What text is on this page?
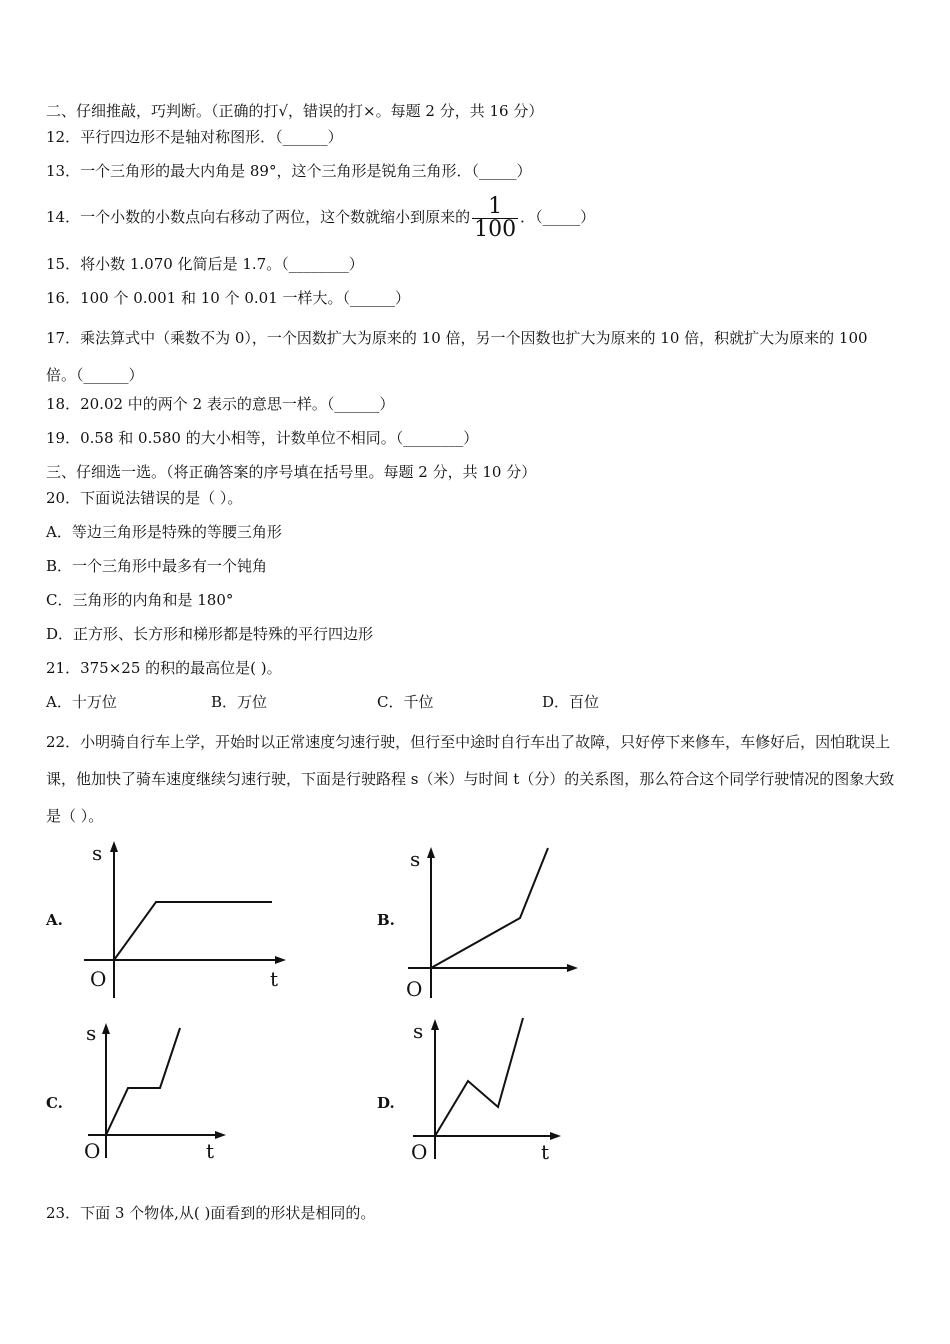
二、仔细推敲，巧判断。（正确的打√，错误的打×。每题 2 分，共 16 分）
12．平行四边形不是轴对称图形．（______）
13．一个三角形的最大内角是 89°，这个三角形是锐角三角形．（_____）
14．一个小数的小数点向右移动了两位，这个数就缩小到原来的 $\frac{1}{100}$ ．（_____）
15．将小数 1.070 化简后是 1.7。（________）
16．100 个 0.001 和 10 个 0.01 一样大。（______）
17．乘法算式中（乘数不为 0），一个因数扩大为原来的 10 倍，另一个因数也扩大为原来的 10 倍，积就扩大为原来的 100 倍。（______）
18．20.02 中的两个 2 表示的意思一样。（______）
19．0.58 和 0.580 的大小相等，计数单位不相同。（________）
三、仔细选一选。（将正确答案的序号填在括号里。每题 2 分，共 10 分）
20．下面说法错误的是（ ）。
A．等边三角形是特殊的等腰三角形
B．一个三角形中最多有一个钝角
C．三角形的内角和是 180°
D．正方形、长方形和梯形都是特殊的平行四边形
21．375×25 的积的最高位是( )。
A．十万位	B．万位	C．千位	D．百位
22．小明骑自行车上学，开始时以正常速度匀速行驶，但行至中途时自行车出了故障，只好停下来修车，车修好后，因怕耽误上课，他加快了骑车速度继续匀速行驶，下面是行驶路程 s（米）与时间 t（分）的关系图，那么符合这个同学行驶情况的图象大致是（ ）。
A.
s
O	t
B.
s
O
C.
s
O	t
D.
s
O	t
23．下面 3 个物体,从( )面看到的形状是相同的。
